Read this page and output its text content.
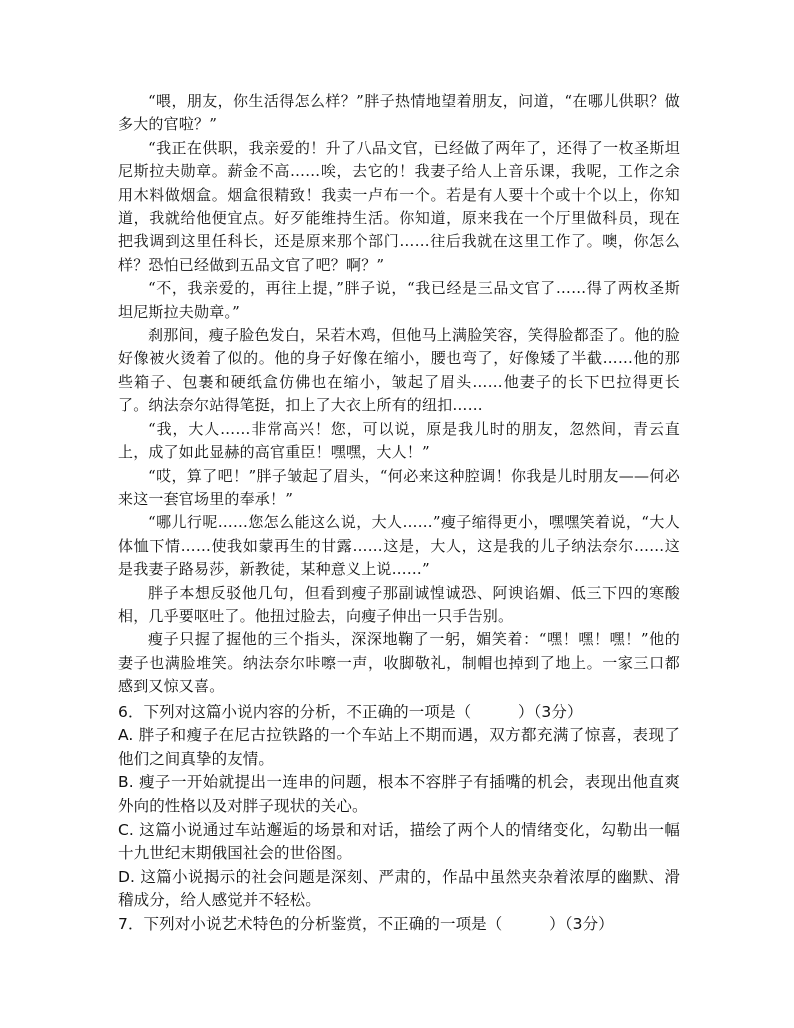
“喂，朋友，你生活得怎么样？”胖子热情地望着朋友，问道，“在哪儿供职？做多大的官啦？”

“我正在供职，我亲爱的！升了八品文官，已经做了两年了，还得了一枚圣斯坦尼斯拉夫勋章。薪金不高……唉，去它的！我妻子给人上音乐课，我呢，工作之余用木料做烟盒。烟盒很精致！我卖一卢布一个。若是有人要十个或十个以上，你知道，我就给他便宜点。好歹能维持生活。你知道，原来我在一个厅里做科员，现在把我调到这里任科长，还是原来那个部门……往后我就在这里工作了。噢，你怎么样？恐怕已经做到五品文官了吧？啊？”

“不，我亲爱的，再往上提，”胖子说，“我已经是三品文官了……得了两枚圣斯坦尼斯拉夫勋章。”

刹那间，瘦子脸色发白，呆若木鸡，但他马上满脸笑容，笑得脸都歪了。他的脸好像被火烫着了似的。他的身子好像在缩小，腰也弯了，好像矮了半截……他的那些箱子、包裹和硬纸盒仿佛也在缩小，皱起了眉头……他妻子的长下巴拉得更长了。纳法奈尔站得笔挺，扣上了大衣上所有的纽扣……

“我，大人……非常高兴！您，可以说，原是我儿时的朋友，忽然间，青云直上，成了如此显赫的高官重臣！嘿嘿，大人！”

“哎，算了吧！”胖子皱起了眉头，“何必来这种腔调！你我是儿时朋友——何必来这一套官场里的奉承！”

“哪儿行呢……您怎么能这么说，大人……”瘦子缩得更小，嘿嘿笑着说，“大人体恤下情……使我如蒙再生的甘露……这是，大人，这是我的儿子纳法奈尔……这是我妻子路易莎，新教徒，某种意义上说……”

胖子本想反驳他几句，但看到瘦子那副诚惶诚恐、阿谀谄媚、低三下四的寒酸相，几乎要呕吐了。他扭过脸去，向瘦子伸出一只手告别。

瘦子只握了握他的三个指头，深深地鞠了一躬，媚笑着：“嘿！嘿！嘿！”他的妻子也满脸堆笑。纳法奈尔咔嚓一声，收脚敬礼，制帽也掉到了地上。一家三口都感到又惊又喜。

6．下列对这篇小说内容的分析，不正确的一项是（　　　）（3分）

A. 胖子和瘦子在尼古拉铁路的一个车站上不期而遇，双方都充满了惊喜，表现了他们之间真挚的友情。

B. 瘦子一开始就提出一连串的问题，根本不容胖子有插嘴的机会，表现出他直爽外向的性格以及对胖子现状的关心。

C. 这篇小说通过车站邂逅的场景和对话，描绘了两个人的情绪变化，勾勒出一幅十九世纪末期俄国社会的世俗图。

D. 这篇小说揭示的社会问题是深刻、严肃的，作品中虽然夹杂着浓厚的幽默、滑稽成分，给人感觉并不轻松。

7．下列对小说艺术特色的分析鉴赏，不正确的一项是（　　　）（3分）
